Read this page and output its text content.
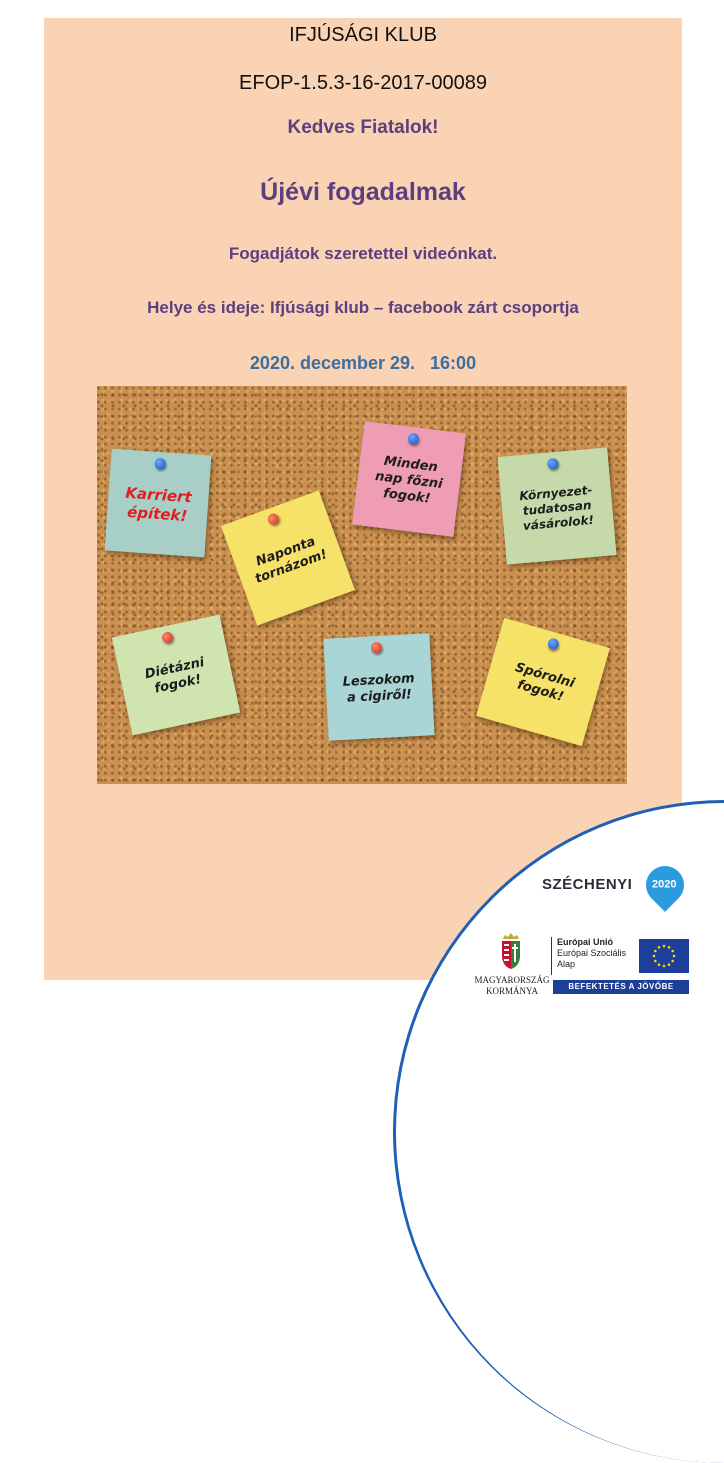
IFJÚSÁGI KLUB

EFOP-1.5.3-16-2017-00089

Kedves Fiatalok!

Újévi fogadalmak

Fogadjátok szeretettel videónkat.

Helye és ideje: Ifjúsági klub – facebook zárt csoportja

2020. december 29.   16:00

Karriert
építek!
Minden
nap főzni
fogok!	Környezet-
tudatosan
vásárolok!
Naponta
tornázom!
Diétázni
fogok!	Leszokom
a cigiről!
Spórolni
fogok!
SZÉCHENYI	2020
MAGYARORSZÁG
KORMÁNYA
Európai Unió
Európai Szociális
Alap
BEFEKTETÉS A JÖVŐBE
